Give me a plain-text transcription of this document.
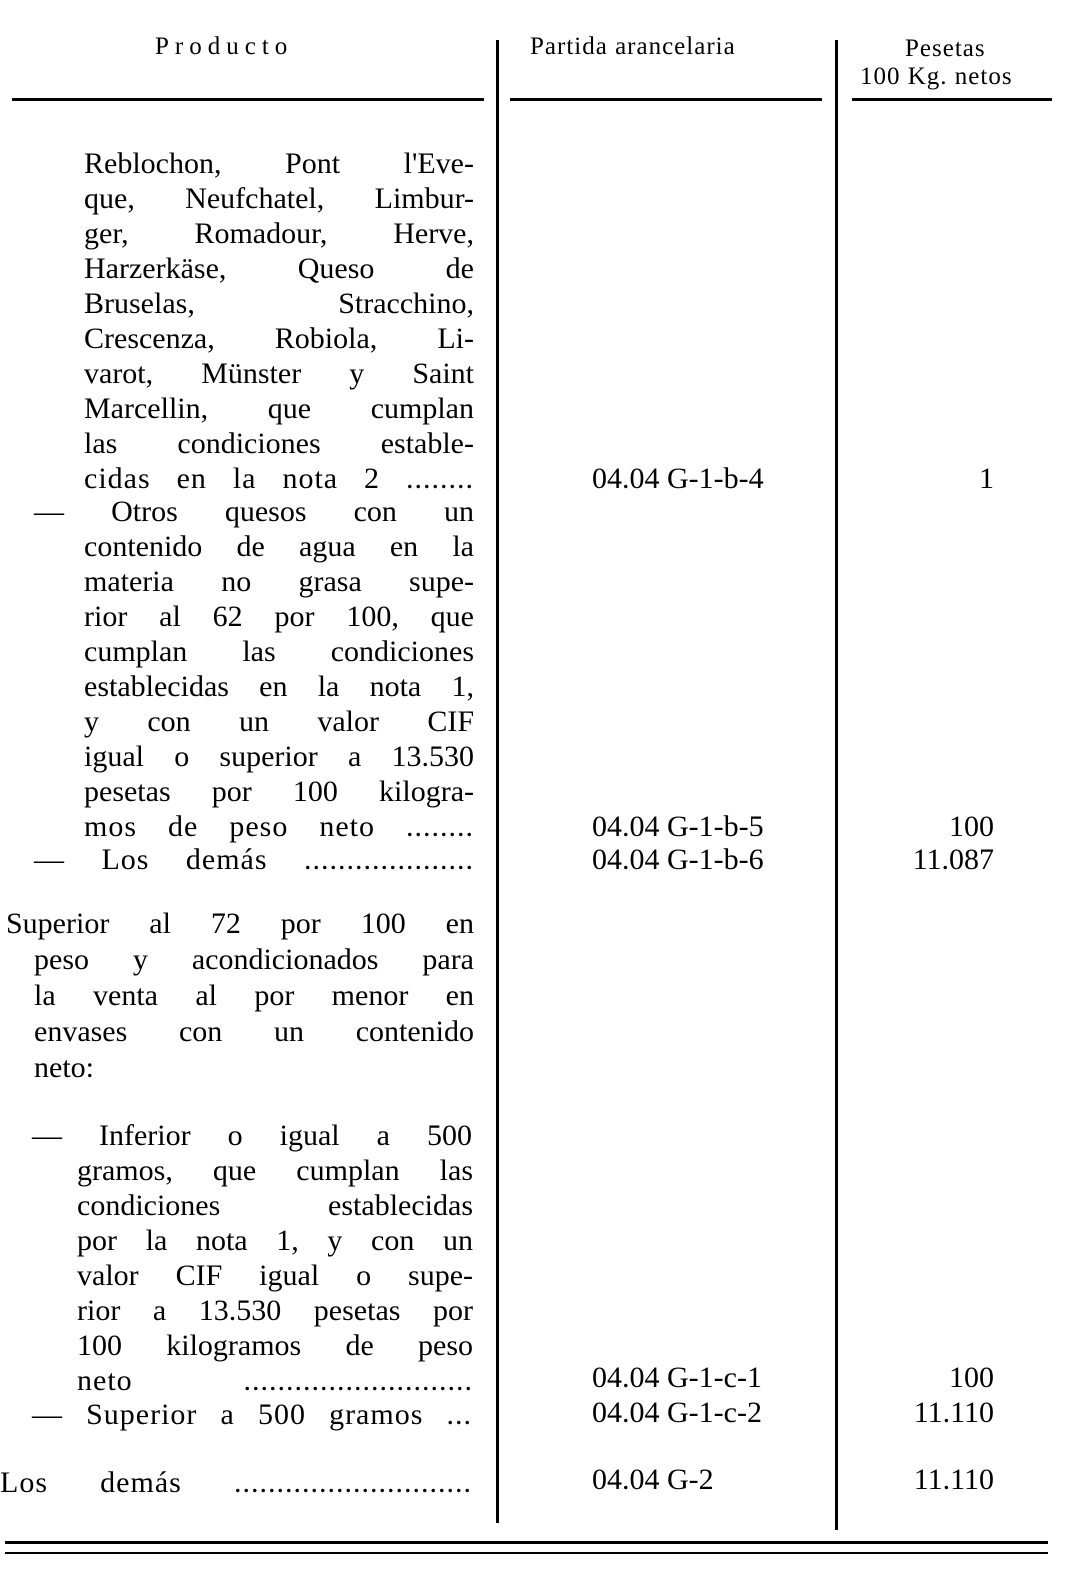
Producto	Partida arancelaria	Pesetas
100 Kg. netos
Reblochon, Pont l'Eve-
que, Neufchatel, Limbur-
ger, Romadour, Herve,
Harzerkäse, Queso de
Bruselas, Stracchino,
Crescenza, Robiola, Li-
varot, Münster y Saint
Marcellin, que cumplan
las condiciones estable-
cidas en la nota 2 ........	04.04 G-1-b-4	1
— Otros quesos con un
contenido de agua en la
materia no grasa supe-
rior al 62 por 100, que
cumplan las condiciones
establecidas en la nota 1,
y con un valor CIF
igual o superior a 13.530
pesetas por 100 kilogra-
mos de peso neto ........	04.04 G-1-b-5	100
— Los demás ....................	04.04 G-1-b-6	11.087
Superior al 72 por 100 en
peso y acondicionados para
la venta al por menor en
envases con un contenido
neto:
— Inferior o igual a 500
gramos, que cumplan las
condiciones establecidas
por la nota 1, y con un
valor CIF igual o supe-
rior a 13.530 pesetas por
100 kilogramos de peso
neto ...........................	04.04 G-1-c-1	100
— Superior a 500 gramos ...	04.04 G-1-c-2	11.110
Los demás ............................	04.04 G-2	11.110
